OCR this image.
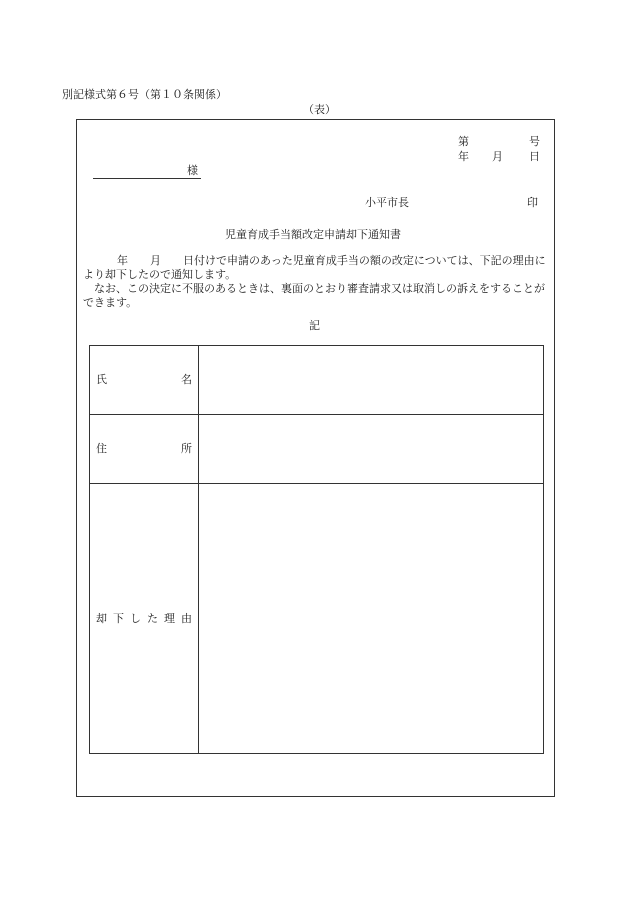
別記様式第６号（第１０条関係）
（表）
第	号
年 月 日
様
小平市長	印
児童育成手当額改定申請却下通知書

年 月 日付けで申請のあった児童育成手当の額の改定については、下記の理由により却下したので通知します。

なお、この決定に不服のあるときは、裏面のとおり審査請求又は取消しの訴えをすることができます。

記
氏	名
住	所
却 下 し た 理 由
